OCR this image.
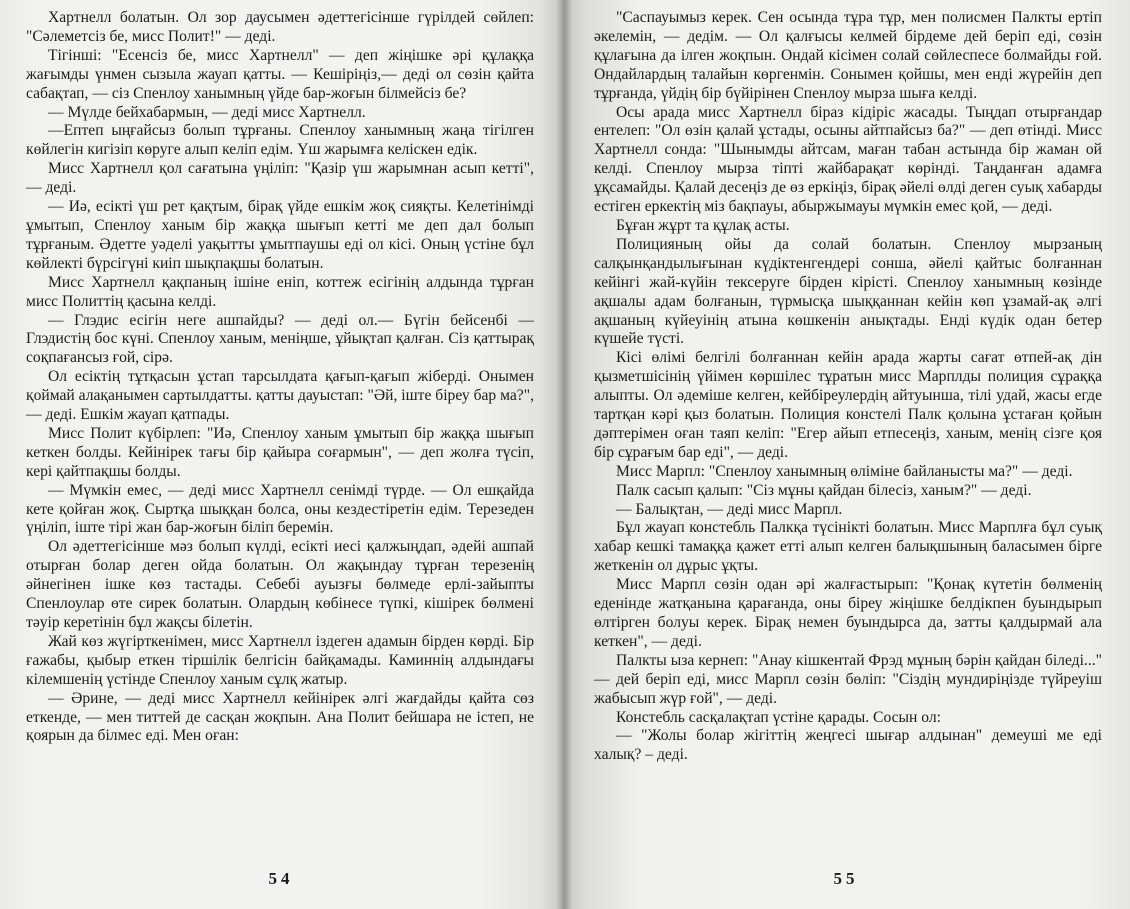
Хартнелл болатын. Ол зор даусымен әдеттегісінше гүрілдей сөйлеп: "Сәлеметсіз бе, мисс Полит!" — деді.

Тігінші: "Есенсіз бе, мисс Хартнелл" — деп жіңішке әрі құлаққа жағымды үнмен сызыла жауап қатты. — Кешіріңіз,— деді ол сөзін қайта сабақтап, — сіз Спенлоу ханымның үйде бар-жоғын білмейсіз бе?

— Мүлде бейхабармын, — деді мисс Хартнелл.

—Ептеп ыңғайсыз болып тұрғаны. Спенлоу ханымның жаңа тігілген көйлегін кигізіп көруге алып келіп едім. Үш жарымға келіскен едік.

Мисс Хартнелл қол сағатына үңіліп: "Қазір үш жарымнан асып кетті", — деді.

— Иә, есікті үш рет қақтым, бірақ үйде ешкім жоқ сияқты. Келетінімді ұмытып, Спенлоу ханым бір жаққа шығып кетті ме деп дал болып тұрғаным. Әдетте уәделі уақытты ұмытпаушы еді ол кісі. Оның үстіне бұл көйлекті бүрсігүні киіп шықпақшы болатын.

Мисс Хартнелл қақпаның ішіне еніп, коттеж есігінің алдында тұрған мисс Политтің қасына келді.

— Глэдис есігін неге ашпайды? — деді ол.— Бүгін бейсенбі — Глэдистің бос күні. Спенлоу ханым, меніңше, ұйықтап қалған. Сіз қаттырақ соқпағансыз ғой, сірә.

Ол есіктің тұтқасын ұстап тарсылдата қағып-қағып жіберді. Онымен қоймай алақанымен сартылдатты. қатты дауыстап: "Әй, іште біреу бар ма?", — деді. Ешкім жауап қатпады.

Мисс Полит күбірлеп: "Иә, Спенлоу ханым ұмытып бір жаққа шығып кеткен болды. Кейінірек тағы бір қайыра соғармын", — деп жолға түсіп, кері қайтпақшы болды.

— Мүмкін емес, — деді мисс Хартнелл сенімді түрде. — Ол ешқайда кете қойған жоқ. Сыртқа шыққан болса, оны кездестіретін едім. Терезеден үңіліп, іште тірі жан бар-жоғын біліп беремін.

Ол әдеттегісінше мәз болып күлді, есікті иесі қалжыңдап, әдейі ашпай отырған болар деген ойда болатын. Ол жақындау тұрған терезенің әйнегінен ішке көз тастады. Себебі ауызғы бөлмеде ерлі-зайыпты Спенлоулар өте сирек болатын. Олардың көбінесе түпкі, кішірек бөлмені тәуір керетінін бұл жақсы білетін.

Жай көз жүгірткенімен, мисс Хартнелл іздеген адамын бірден көрді. Бір ғажабы, қыбыр еткен тіршілік белгісін байқамады. Каминнің алдындағы кілемшенің үстінде Спенлоу ханым сұлқ жатыр.

— Әрине, — деді мисс Хартнелл кейінірек әлгі жағдайды қайта сөз еткенде, — мен титтей де сасқан жоқпын. Ана Полит бейшара не істеп, не қоярын да білмес еді. Мен оған:

54

"Саспауымыз керек. Сен осында тұра тұр, мен полисмен Палкты ертіп әкелемін, — дедім. — Ол қалғысы келмей бірдеме дей беріп еді, сөзін құлағына да ілген жоқпын. Ондай кісімен солай сөйлеспесе болмайды ғой. Ондайлардың талайын көргенмін. Сонымен қойшы, мен енді жүрейін деп тұрғанда, үйдің бір бүйірінен Спенлоу мырза шыға келді.

Осы арада мисс Хартнелл біраз кідіріс жасады. Тыңдап отырғандар ентелеп: "Ол өзін қалай ұстады, осыны айтпайсыз ба?" — деп өтінді. Мисс Хартнелл сонда: "Шынымды айтсам, маған табан астында бір жаман ой келді. Спенлоу мырза тіпті жайбарақат көрінді. Таңданған адамға ұқсамайды. Қалай десеңіз де өз еркіңіз, бірақ әйелі өлді деген суық хабарды естіген еркектің міз бақпауы, абыржымауы мүмкін емес қой, — деді.

Бұған жұрт та құлақ асты.

Полицияның ойы да солай болатын. Спенлоу мырзаның салқынқандылығынан күдіктенгендері сонша, әйелі қайтыс болғаннан кейінгі жай-күйін тексеруге бірден кірісті. Спенлоу ханымның көзінде ақшалы адам болғанын, түрмысқа шыққаннан кейін көп ұзамай-ақ әлгі ақшаның күйеуінің атына көшкенін анықтады. Енді күдік одан бетер күшейе түсті.

Кісі өлімі белгілі болғаннан кейін арада жарты сағат өтпей-ақ дін қызметшісінің үйімен көршілес тұратын мисс Марплды полиция сұраққа алыпты. Ол әдеміше келген, кейбіреулердің айтуынша, тілі удай, жасы егде тартқан кәрі қыз болатын. Полиция констелі Палк қолына ұстаған қойын дәптерімен оған таяп келіп: "Егер айып етпесеңіз, ханым, менің сізге қоя бір сұрағым бар еді", — деді.

Мисс Марпл: "Спенлоу ханымның өліміне байланысты ма?" — деді.

Палк сасып қалып: "Сіз мұны қайдан білесіз, ханым?" — деді.

— Балықтан, — деді мисс Марпл.

Бұл жауап констебль Палкқа түсінікті болатын. Мисс Марплға бұл суық хабар кешкі тамаққа қажет етті алып келген балықшының баласымен бірге жеткенін ол дұрыс ұқты.

Мисс Марпл сөзін одан әрі жалғастырып: "Қонақ күтетін бөлменің еденінде жатқанына қарағанда, оны біреу жіңішке белдікпен буындырып өлтірген болуы керек. Бірақ немен буындырса да, затты қалдырмай ала кеткен", — деді.

Палкты ыза кернеп: "Анау кішкентай Фрэд мұның бәрін қайдан біледі..." — дей беріп еді, мисс Марпл сөзін бөліп: "Сіздің мундиріңізде түйреуіш жабысып жүр ғой", — деді.

Констебль сасқалақтап үстіне қарады. Сосын ол:

— "Жолы болар жігіттің жеңгесі шығар алдынан" демеуші ме еді халық? – деді.

55
